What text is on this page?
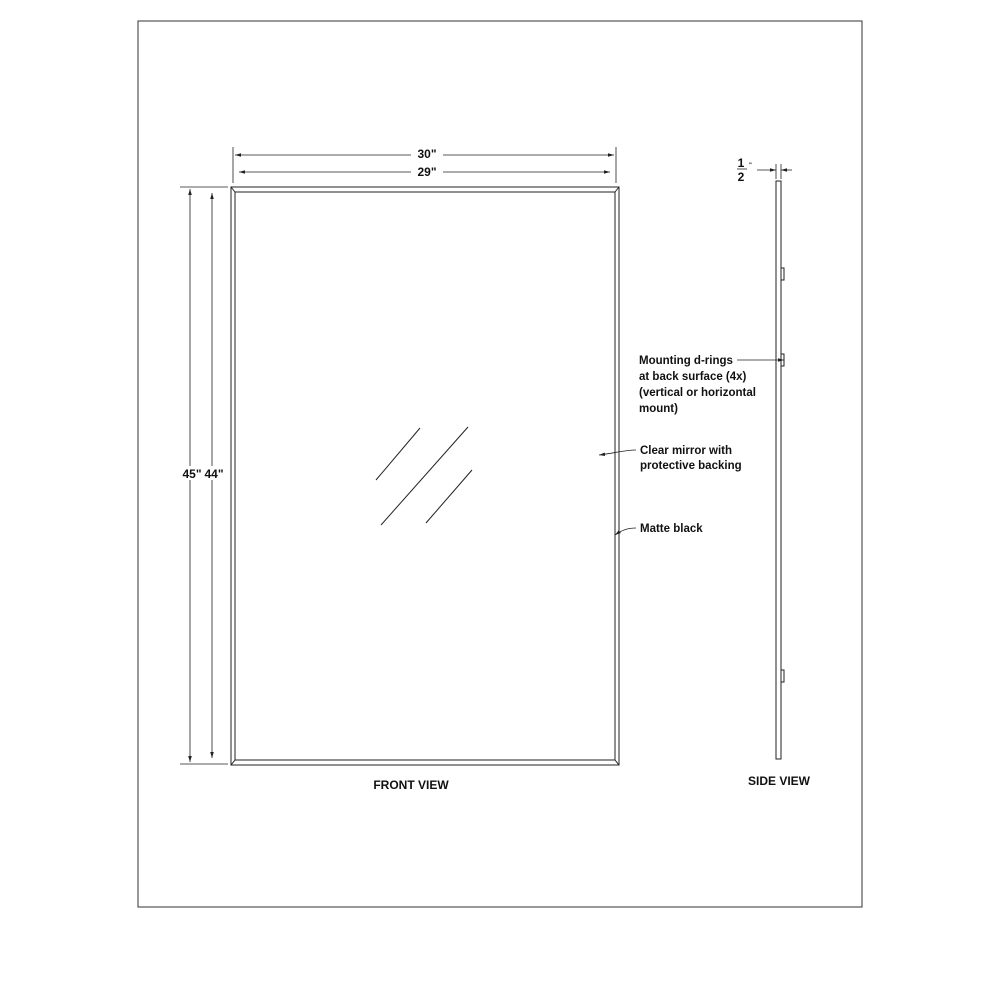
30"
29"
45" 44"
FRONT VIEW
1 "
2
SIDE VIEW
Mounting d-rings
at back surface (4x)
(vertical or horizontal
mount)
Clear mirror with
protective backing
Matte black
